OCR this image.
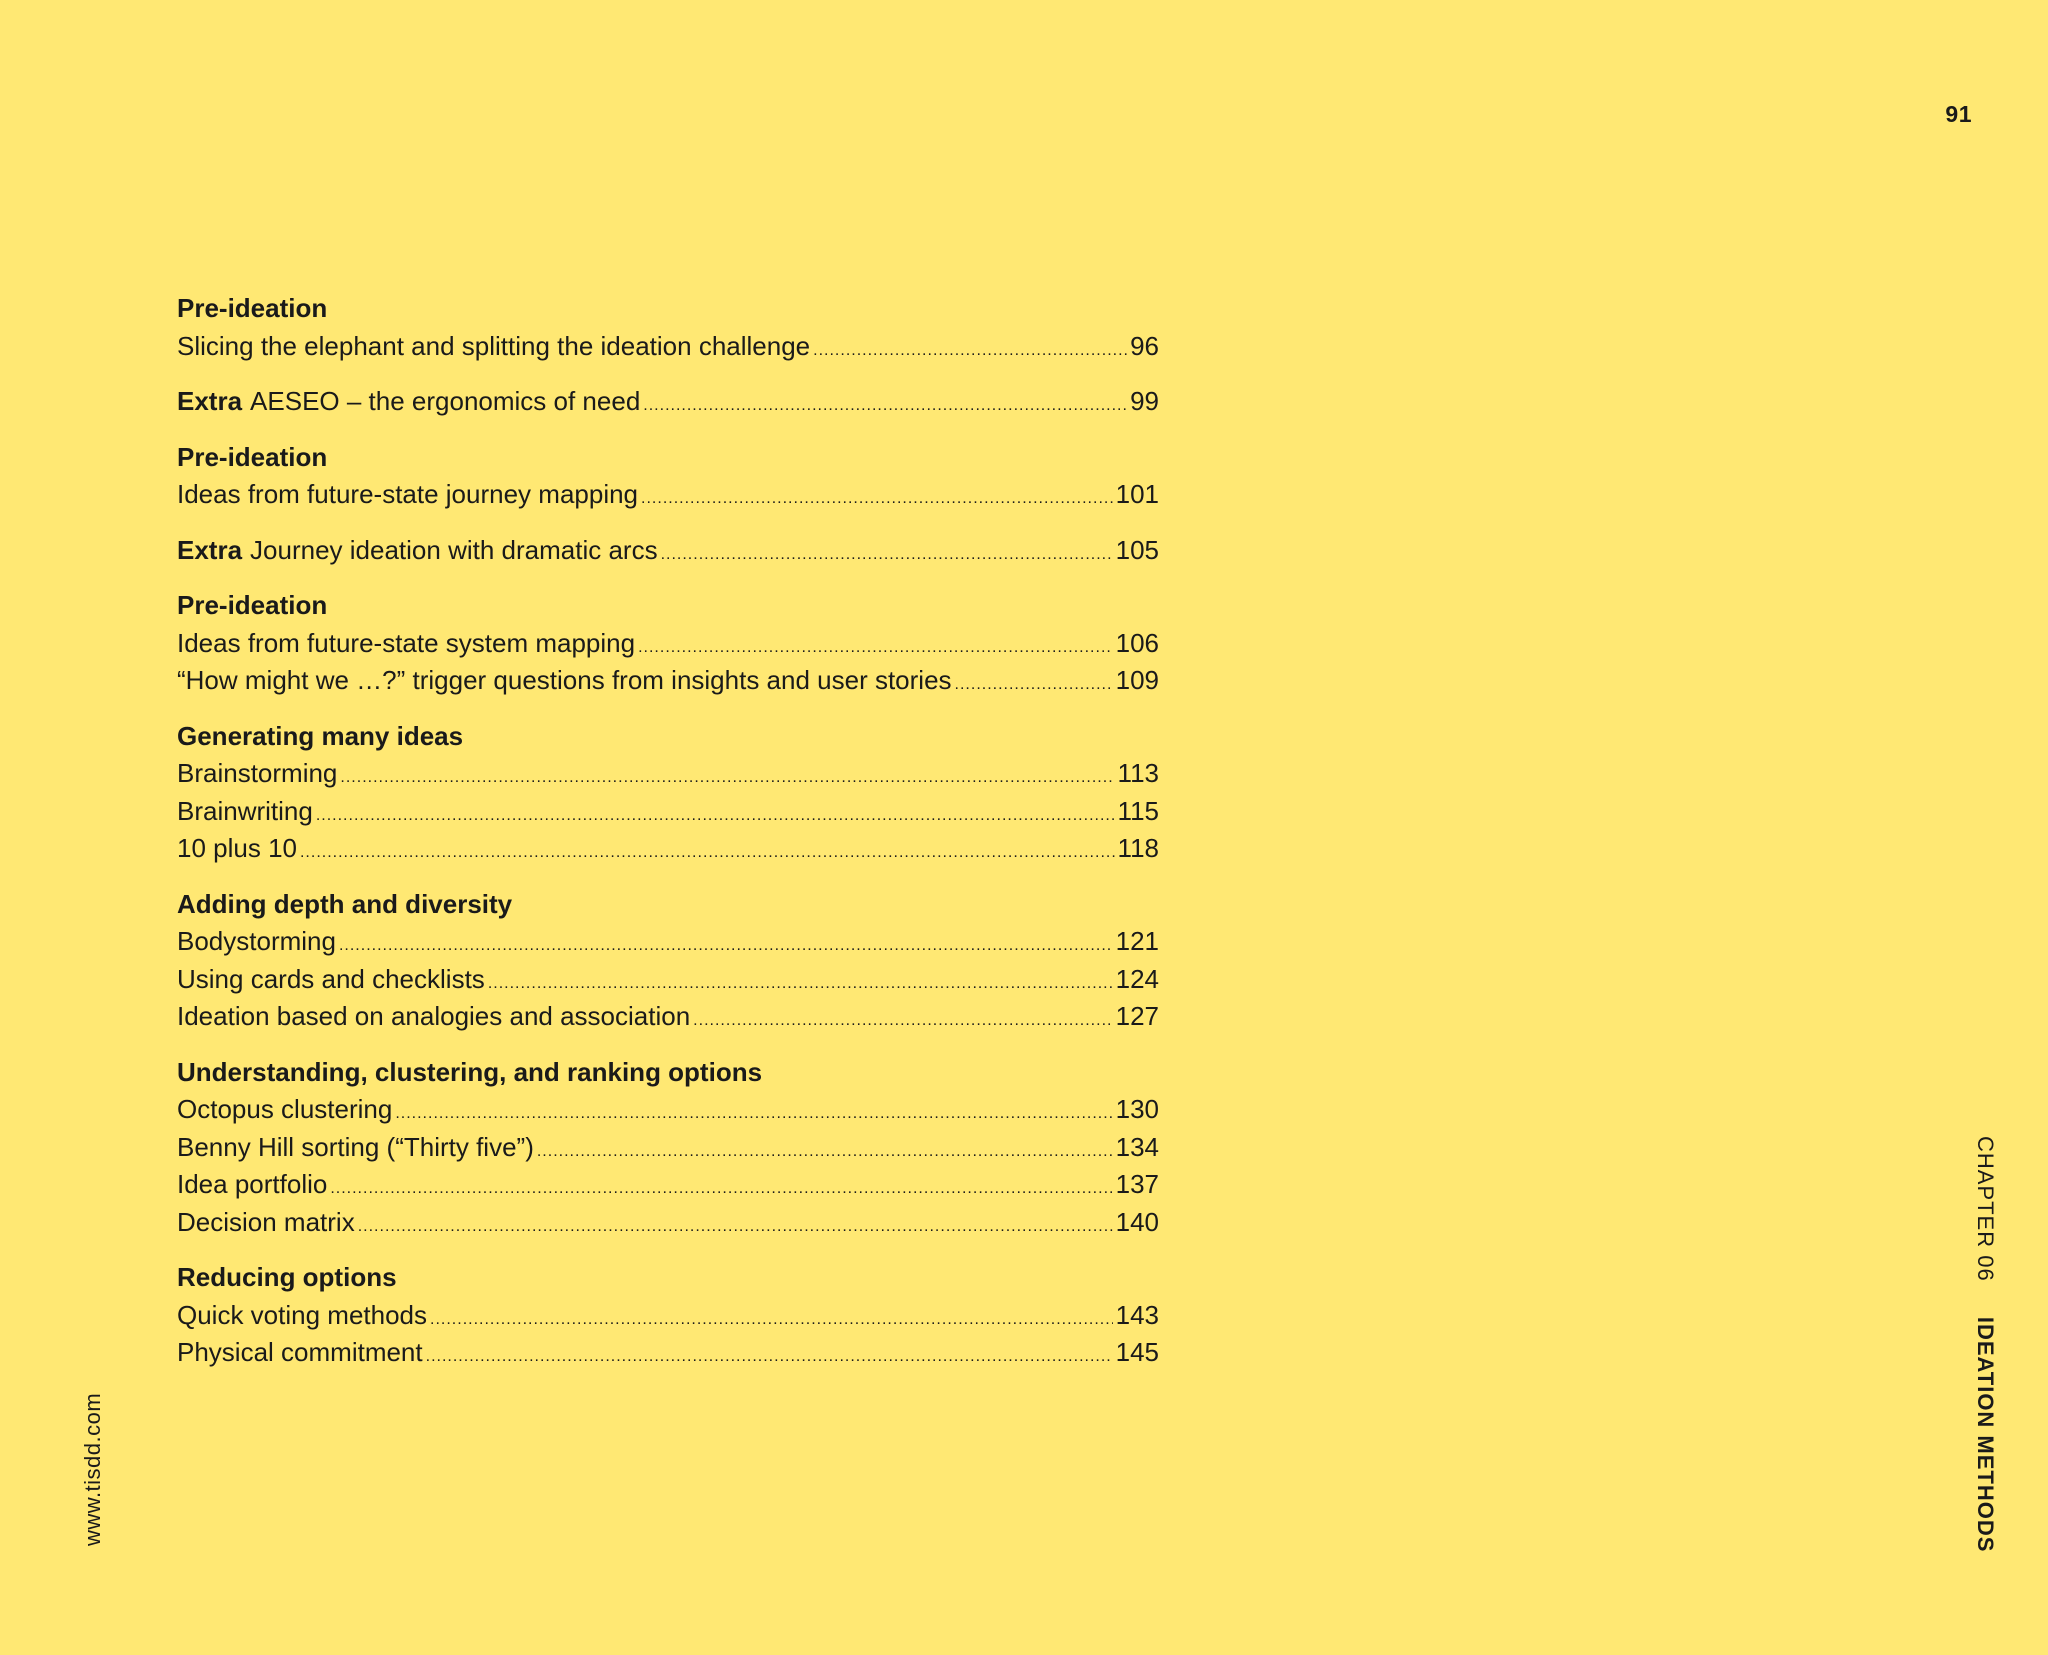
91
Pre-ideation
Slicing the elephant and splitting the ideation challenge .....	96
Extra AESEO – the ergonomics of need .....	99
Pre-ideation
Ideas from future-state journey mapping .....	101
Extra Journey ideation with dramatic arcs .....	105
Pre-ideation
Ideas from future-state system mapping .....	106
“How might we …?” trigger questions from insights and user stories .....	109
Generating many ideas
Brainstorming .....	113
Brainwriting .....	115
10 plus 10 .....	118
Adding depth and diversity
Bodystorming .....	121
Using cards and checklists .....	124
Ideation based on analogies and association .....	127
Understanding, clustering, and ranking options
Octopus clustering .....	130
Benny Hill sorting (“Thirty five”) .....	134
Idea portfolio .....	137
Decision matrix .....	140
Reducing options
Quick voting methods .....	143
Physical commitment .....	145
www.tisdd.com
CHAPTER 06 IDEATION METHODS
